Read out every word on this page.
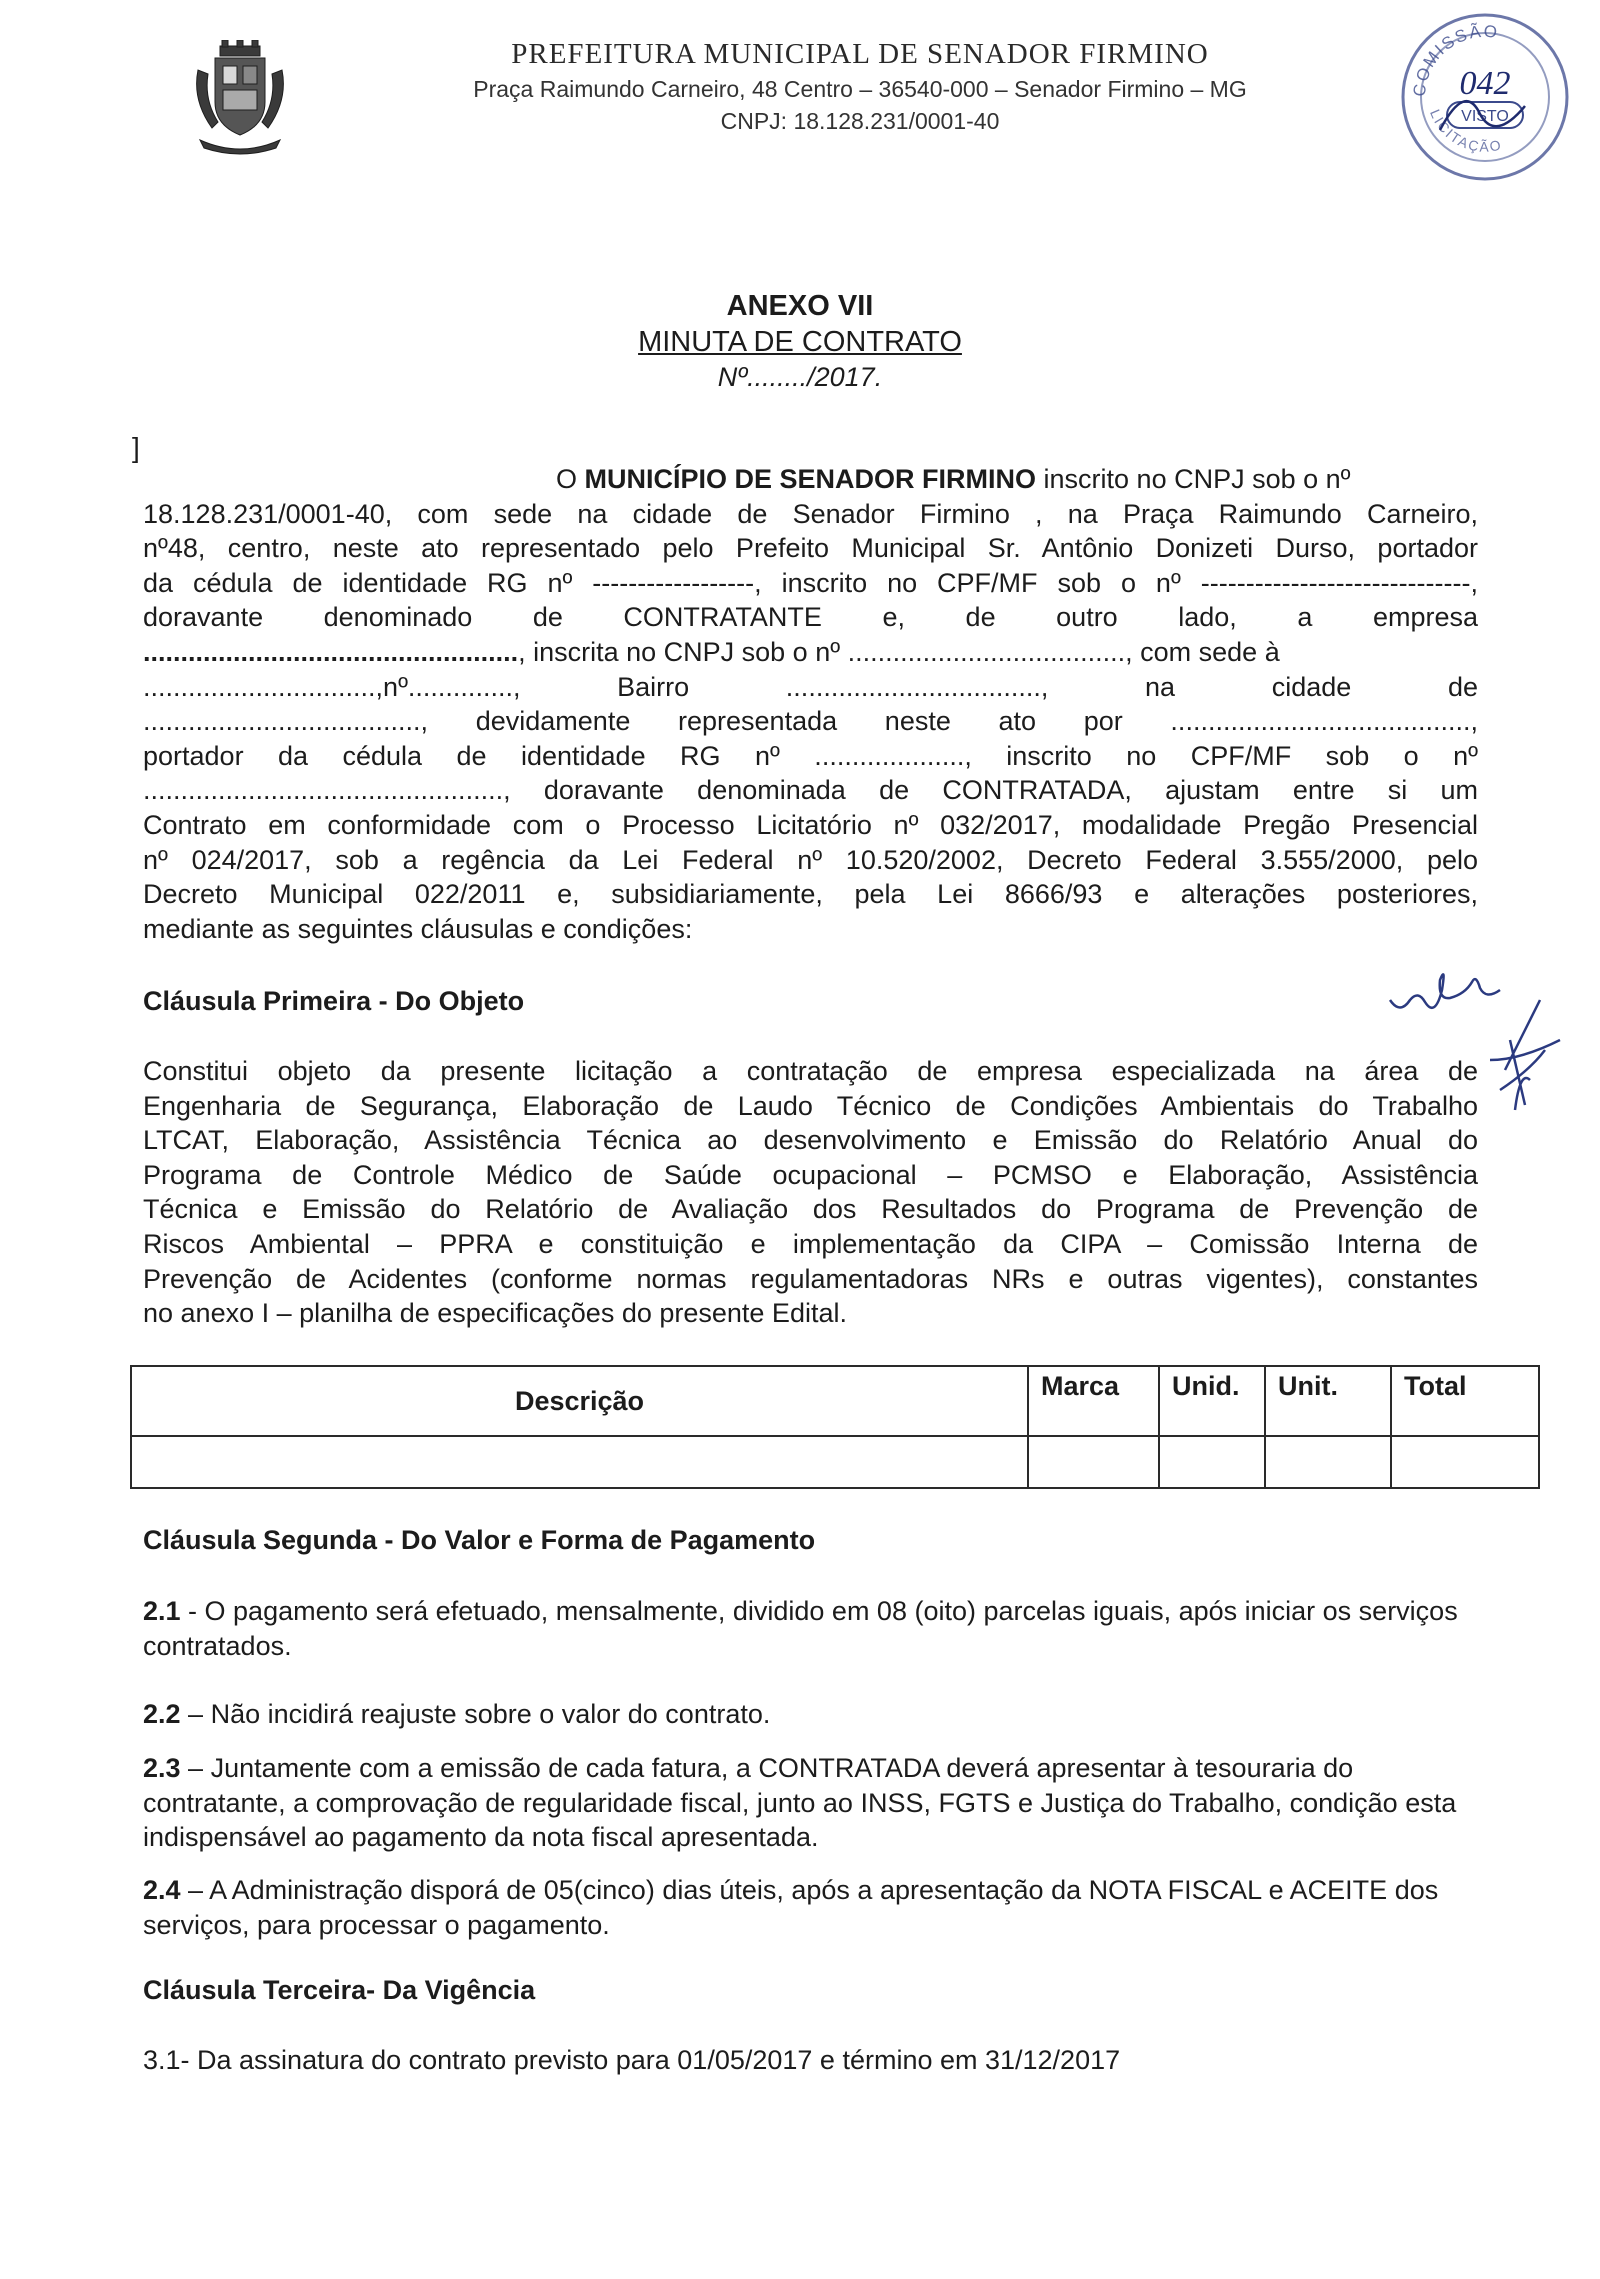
PREFEITURA MUNICIPAL DE SENADOR FIRMINO
Praça Raimundo Carneiro, 48 Centro – 36540-000 – Senador Firmino – MG
CNPJ: 18.128.231/0001-40
COMISSÃO
LICITAÇÃO
042
VISTO
ANEXO VII
MINUTA DE CONTRATO
Nº......../2017.
]
O MUNICÍPIO DE SENADOR FIRMINO inscrito no CNPJ sob o nº
18.128.231/0001-40, com sede na cidade de Senador Firmino , na Praça Raimundo Carneiro,
nº48, centro, neste ato representado pelo Prefeito Municipal Sr. Antônio Donizeti Durso, portador
da cédula de identidade RG nº ------------------, inscrito no CPF/MF sob o nº ------------------------------,
doravante denominado de CONTRATANTE e, de outro lado, a empresa
.................................................., inscrita no CNPJ sob o nº ....................................., com sede à
...............................,nº.............., Bairro .................................., na cidade de
....................................., devidamente representada neste ato por ........................................,
portador da cédula de identidade RG nº ...................., inscrito no CPF/MF sob o nº
................................................, doravante denominada de CONTRATADA, ajustam entre si um
Contrato em conformidade com o Processo Licitatório nº 032/2017, modalidade Pregão Presencial
nº 024/2017, sob a regência da Lei Federal nº 10.520/2002, Decreto Federal 3.555/2000, pelo
Decreto Municipal 022/2011 e, subsidiariamente, pela Lei 8666/93 e alterações posteriores,
mediante as seguintes cláusulas e condições:
Cláusula Primeira - Do Objeto
Constitui objeto da presente licitação a contratação de empresa especializada na área de
Engenharia de Segurança, Elaboração de Laudo Técnico de Condições Ambientais do Trabalho
LTCAT, Elaboração, Assistência Técnica ao desenvolvimento e Emissão do Relatório Anual do
Programa de Controle Médico de Saúde ocupacional – PCMSO e Elaboração, Assistência
Técnica e Emissão do Relatório de Avaliação dos Resultados do Programa de Prevenção de
Riscos Ambiental – PPRA e constituição e implementação da CIPA – Comissão Interna de
Prevenção de Acidentes (conforme normas regulamentadoras NRs e outras vigentes), constantes
no anexo I – planilha de especificações do presente Edital.
Descrição	Marca	Unid.	Unit.	Total

Cláusula Segunda - Do Valor e Forma de Pagamento
2.1 - O pagamento será efetuado, mensalmente, dividido em 08 (oito) parcelas iguais, após iniciar os serviços contratados.
2.2 – Não incidirá reajuste sobre o valor do contrato.
2.3 – Juntamente com a emissão de cada fatura, a CONTRATADA deverá apresentar à tesouraria do contratante, a comprovação de regularidade fiscal, junto ao INSS, FGTS e Justiça do Trabalho, condição esta indispensável ao pagamento da nota fiscal apresentada.
2.4 – A Administração disporá de 05(cinco) dias úteis, após a apresentação da NOTA FISCAL e ACEITE dos serviços, para processar o pagamento.
Cláusula Terceira- Da Vigência
3.1- Da assinatura do contrato previsto para 01/05/2017 e término em 31/12/2017
